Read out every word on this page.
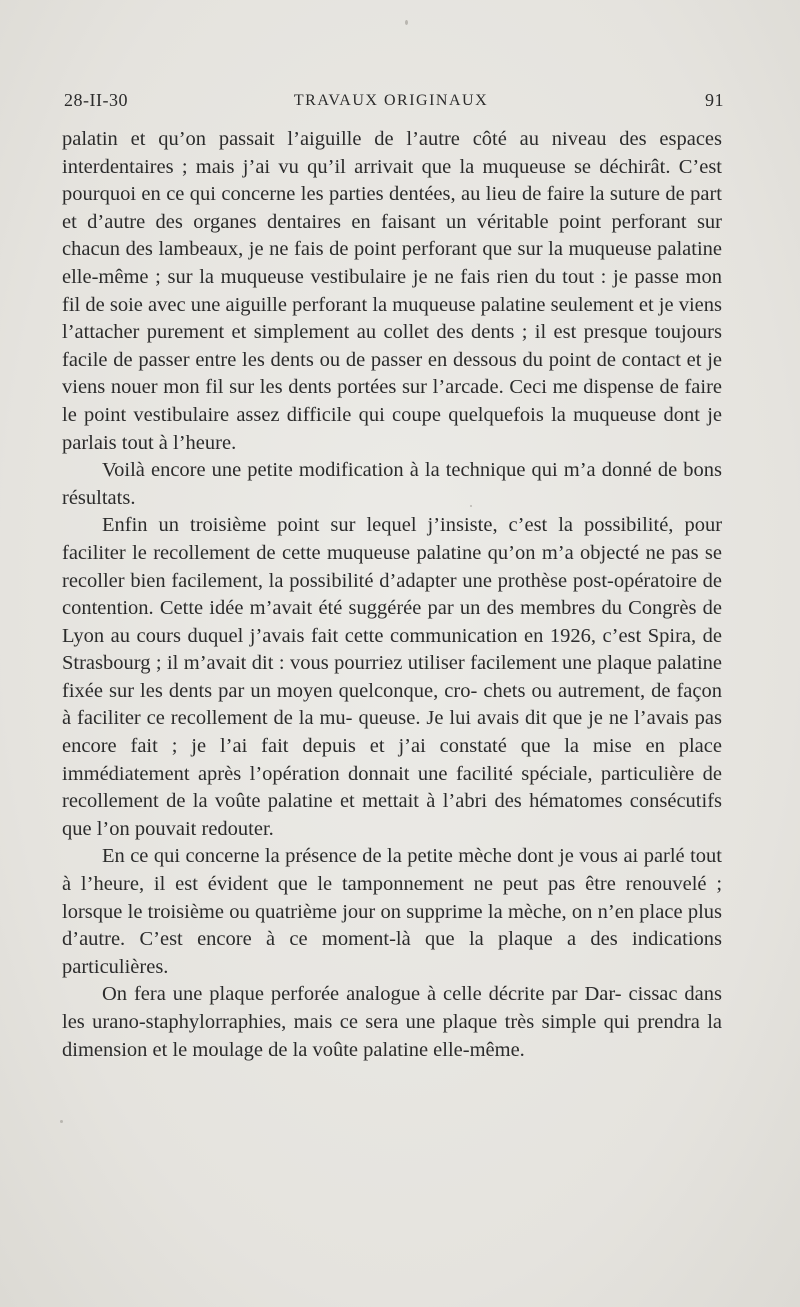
28-II-30	TRAVAUX ORIGINAUX	91

palatin et qu’on passait l’aiguille de l’autre côté au niveau des espaces interdentaires ; mais j’ai vu qu’il arrivait que la muqueuse se déchirât. C’est pourquoi en ce qui concerne les parties dentées, au lieu de faire la suture de part et d’autre des organes dentaires en faisant un véritable point perforant sur chacun des lambeaux, je ne fais de point perforant que sur la muqueuse palatine elle-même ; sur la muqueuse vestibulaire je ne fais rien du tout : je passe mon fil de soie avec une aiguille perforant la muqueuse palatine seulement et je viens l’attacher purement et simplement au collet des dents ; il est presque toujours facile de passer entre les dents ou de passer en dessous du point de contact et je viens nouer mon fil sur les dents portées sur l’arcade. Ceci me dispense de faire le point vestibulaire assez difficile qui coupe quelquefois la muqueuse dont je parlais tout à l’heure.

Voilà encore une petite modification à la technique qui m’a donné de bons résultats.

Enfin un troisième point sur lequel j’insiste, c’est la possibilité, pour faciliter le recollement de cette muqueuse palatine qu’on m’a objecté ne pas se recoller bien facilement, la possibilité d’adapter une prothèse post-opératoire de contention. Cette idée m’avait été suggérée par un des membres du Congrès de Lyon au cours duquel j’avais fait cette communication en 1926, c’est Spira, de Strasbourg ; il m’avait dit : vous pourriez utiliser facilement une plaque palatine fixée sur les dents par un moyen quelconque, cro- chets ou autrement, de façon à faciliter ce recollement de la mu- queuse. Je lui avais dit que je ne l’avais pas encore fait ; je l’ai fait depuis et j’ai constaté que la mise en place immédiatement après l’opération donnait une facilité spéciale, particulière de recollement de la voûte palatine et mettait à l’abri des hématomes consécutifs que l’on pouvait redouter.

En ce qui concerne la présence de la petite mèche dont je vous ai parlé tout à l’heure, il est évident que le tamponnement ne peut pas être renouvelé ; lorsque le troisième ou quatrième jour on supprime la mèche, on n’en place plus d’autre. C’est encore à ce moment-là que la plaque a des indications particulières.

On fera une plaque perforée analogue à celle décrite par Dar- cissac dans les urano-staphylorraphies, mais ce sera une plaque très simple qui prendra la dimension et le moulage de la voûte palatine elle-même.
